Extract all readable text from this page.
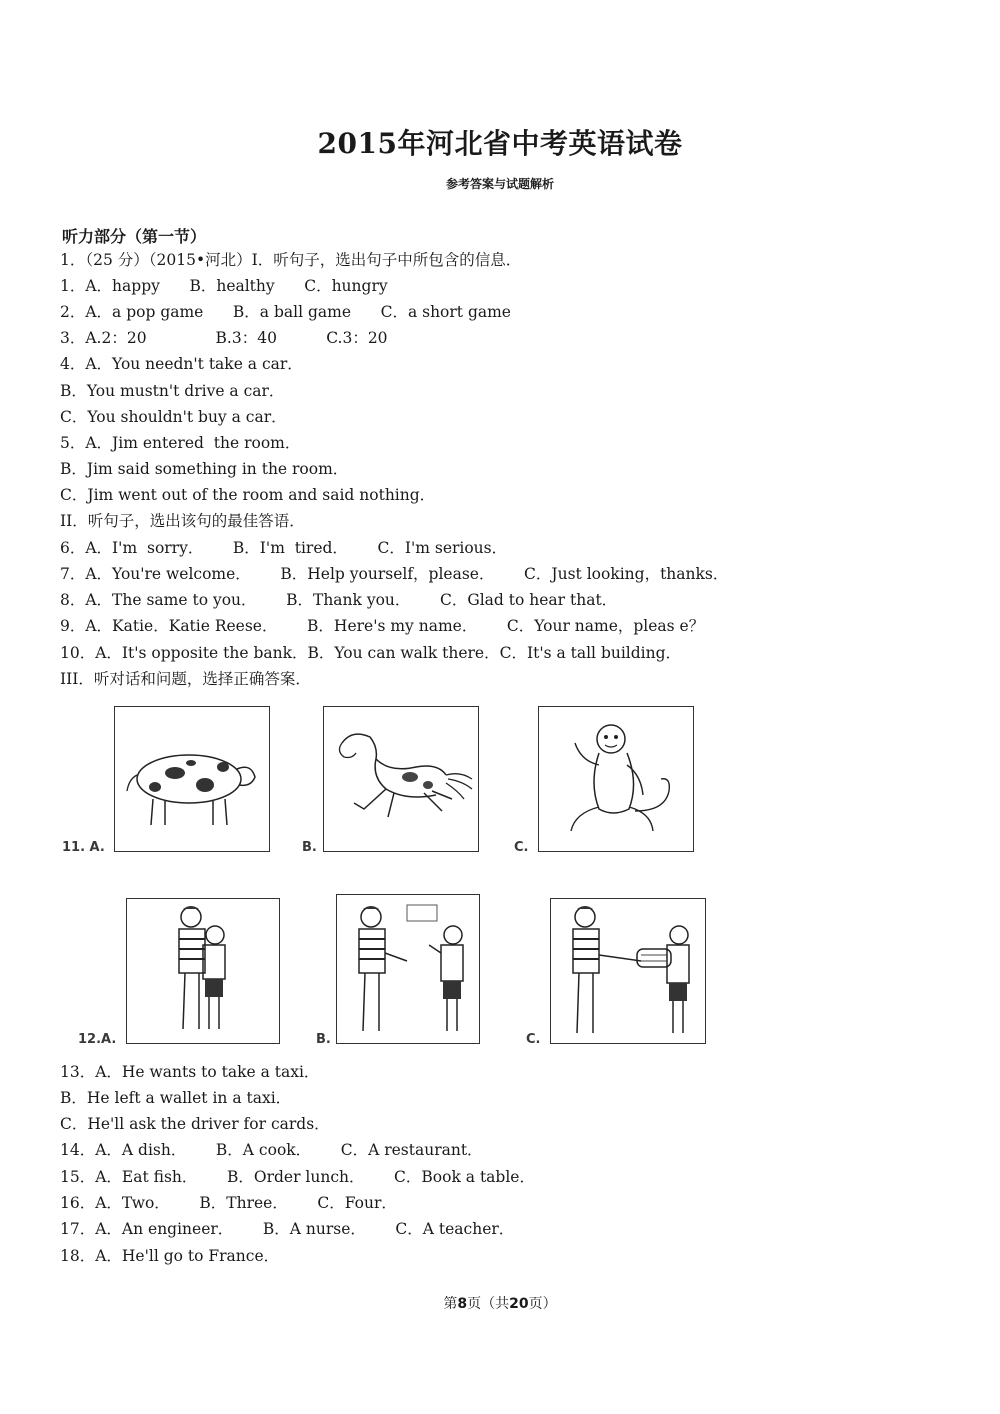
2015年河北省中考英语试卷
参考答案与试题解析
听力部分（第一节）
1．（25 分）（2015•河北）I．听句子，选出句子中所包含的信息．
1．A．happy      B．healthy      C．hungry
2．A．a pop game      B．a ball game      C．a short game
3．A.2：20              B.3：40          C.3：20
4．A．You needn't take a car．
B．You mustn't drive a car．
C．You shouldn't buy a car．
5．A．Jim entered  the room．
B．Jim said something in the room．
C．Jim went out of the room and said nothing．
II．听句子，选出该句的最佳答语．
6．A．I'm  sorry．      B．I'm  tired．      C．I'm serious．
7．A．You're welcome．      B．Help yourself，please．      C．Just looking，thanks．
8．A．The same to you．      B．Thank you．      C．Glad to hear that．
9．A．Katie．Katie Reese．      B．Here's my name．      C．Your name，pleas e？
10．A．It's opposite the bank．B．You can walk there．C．It's a tall building．
III．听对话和问题，选择正确答案．
11. A.	B.	C.
12.A.	B.	C.
13．A．He wants to take a taxi．
B．He left a wallet in a taxi．
C．He'll ask the driver for cards．
14．A．A dish．      B．A cook．      C．A restaurant．
15．A．Eat fish．      B．Order lunch．      C．Book a table．
16．A．Two．      B．Three．      C．Four．
17．A．An engineer．      B．A nurse．      C．A teacher．
18．A．He'll go to France．
第8页（共20页）
